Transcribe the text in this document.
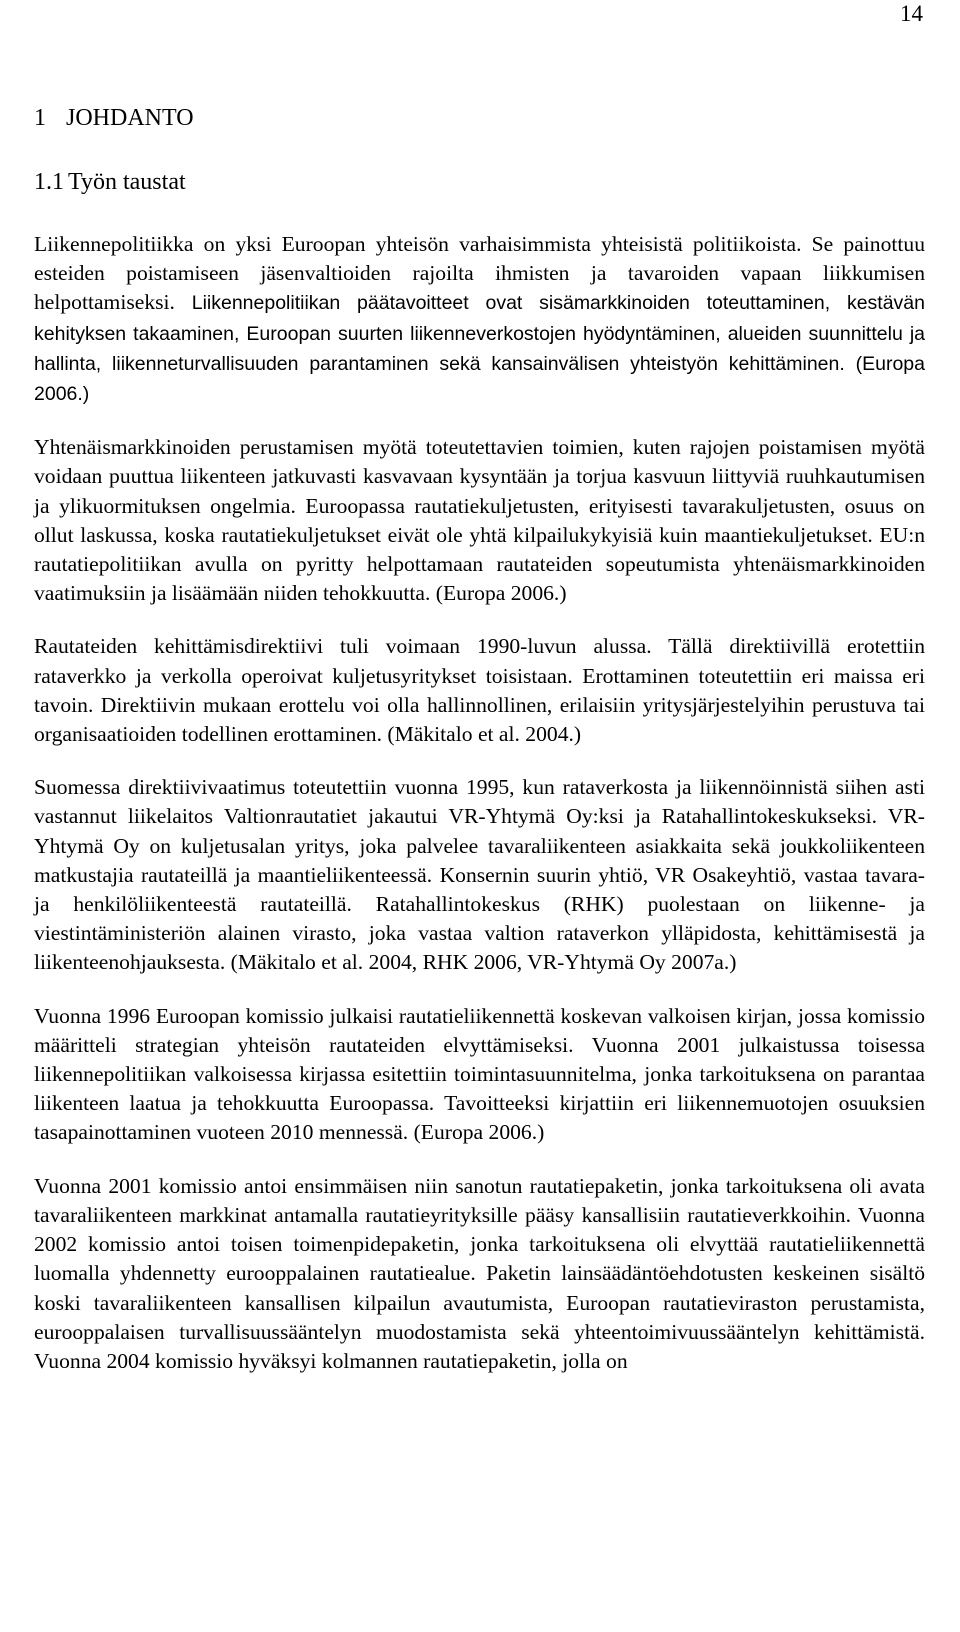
14
1 JOHDANTO
1.1 Työn taustat

Liikennepolitiikka on yksi Euroopan yhteisön varhaisimmista yhteisistä politiikoista. Se painottuu esteiden poistamiseen jäsenvaltioiden rajoilta ihmisten ja tavaroiden vapaan liikkumisen helpottamiseksi. Liikennepolitiikan päätavoitteet ovat sisämarkkinoiden toteuttaminen, kestävän kehityksen takaaminen, Euroopan suurten liikenneverkostojen hyödyntäminen, alueiden suunnittelu ja hallinta, liikenneturvallisuuden parantaminen sekä kansainvälisen yhteistyön kehittäminen. (Europa 2006.)

Yhtenäismarkkinoiden perustamisen myötä toteutettavien toimien, kuten rajojen poistamisen myötä voidaan puuttua liikenteen jatkuvasti kasvavaan kysyntään ja torjua kasvuun liittyviä ruuhkautumisen ja ylikuormituksen ongelmia. Euroopassa rautatiekuljetusten, erityisesti tavarakuljetusten, osuus on ollut laskussa, koska rautatiekuljetukset eivät ole yhtä kilpailukykyisiä kuin maantiekuljetukset. EU:n rautatiepolitiikan avulla on pyritty helpottamaan rautateiden sopeutumista yhtenäismarkkinoiden vaatimuksiin ja lisäämään niiden tehokkuutta. (Europa 2006.)

Rautateiden kehittämisdirektiivi tuli voimaan 1990-luvun alussa. Tällä direktiivillä erotettiin rataverkko ja verkolla operoivat kuljetusyritykset toisistaan. Erottaminen toteutettiin eri maissa eri tavoin. Direktiivin mukaan erottelu voi olla hallinnollinen, erilaisiin yritysjärjestelyihin perustuva tai organisaatioiden todellinen erottaminen. (Mäkitalo et al. 2004.)

Suomessa direktiivivaatimus toteutettiin vuonna 1995, kun rataverkosta ja liikennöinnistä siihen asti vastannut liikelaitos Valtionrautatiet jakautui VR-Yhtymä Oy:ksi ja Ratahallintokeskukseksi. VR-Yhtymä Oy on kuljetusalan yritys, joka palvelee tavaraliikenteen asiakkaita sekä joukkoliikenteen matkustajia rautateillä ja maantieliikenteessä. Konsernin suurin yhtiö, VR Osakeyhtiö, vastaa tavara- ja henkilöliikenteestä rautateillä. Ratahallintokeskus (RHK) puolestaan on liikenne- ja viestintäministeriön alainen virasto, joka vastaa valtion rataverkon ylläpidosta, kehittämisestä ja liikenteenohjauksesta. (Mäkitalo et al. 2004, RHK 2006, VR-Yhtymä Oy 2007a.)

Vuonna 1996 Euroopan komissio julkaisi rautatieliikennettä koskevan valkoisen kirjan, jossa komissio määritteli strategian yhteisön rautateiden elvyttämiseksi. Vuonna 2001 julkaistussa toisessa liikennepolitiikan valkoisessa kirjassa esitettiin toimintasuunnitelma, jonka tarkoituksena on parantaa liikenteen laatua ja tehokkuutta Euroopassa. Tavoitteeksi kirjattiin eri liikennemuotojen osuuksien tasapainottaminen vuoteen 2010 mennessä. (Europa 2006.)

Vuonna 2001 komissio antoi ensimmäisen niin sanotun rautatiepaketin, jonka tarkoituksena oli avata tavaraliikenteen markkinat antamalla rautatieyrityksille pääsy kansallisiin rautatieverkkoihin. Vuonna 2002 komissio antoi toisen toimenpidepaketin, jonka tarkoituksena oli elvyttää rautatieliikennettä luomalla yhdennetty eurooppalainen rautatiealue. Paketin lainsäädäntöehdotusten keskeinen sisältö koski tavaraliikenteen kansallisen kilpailun avautumista, Euroopan rautatieviraston perustamista, eurooppalaisen turvallisuussääntelyn muodostamista sekä yhteentoimivuussääntelyn kehittämistä. Vuonna 2004 komissio hyväksyi kolmannen rautatiepaketin, jolla on
